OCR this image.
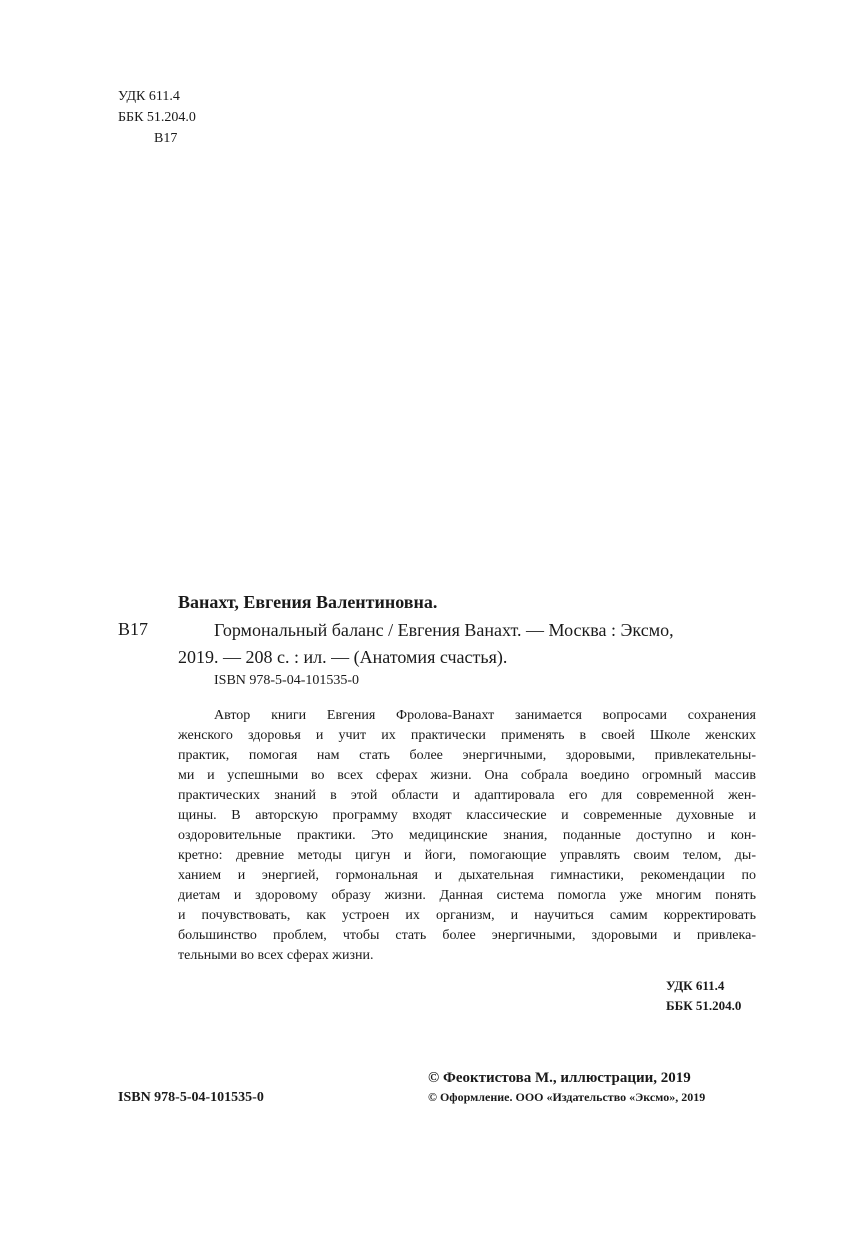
УДК 611.4
ББК 51.204.0
В17
Ванахт, Евгения Валентиновна.
В17	Гормональный баланс / Евгения Ванахт. — Москва : Эксмо,
2019. — 208 с. : ил. — (Анатомия счастья).
ISBN 978-5-04-101535-0
Автор книги Евгения Фролова-Ванахт занимается вопросами сохранения
женского здоровья и учит их практически применять в своей Школе женских
практик, помогая нам стать более энергичными, здоровыми, привлекательны-
ми и успешными во всех сферах жизни. Она собрала воедино огромный массив
практических знаний в этой области и адаптировала его для современной жен-
щины. В авторскую программу входят классические и современные духовные и
оздоровительные практики. Это медицинские знания, поданные доступно и кон-
кретно: древние методы цигун и йоги, помогающие управлять своим телом, ды-
ханием и энергией, гормональная и дыхательная гимнастики, рекомендации по
диетам и здоровому образу жизни. Данная система помогла уже многим понять
и почувствовать, как устроен их организм, и научиться самим корректировать
большинство проблем, чтобы стать более энергичными, здоровыми и привлека-
тельными во всех сферах жизни.
УДК 611.4
ББК 51.204.0
ISBN 978-5-04-101535-0
© Феоктистова М., иллюстрации, 2019
© Оформление. ООО «Издательство «Эксмо», 2019
